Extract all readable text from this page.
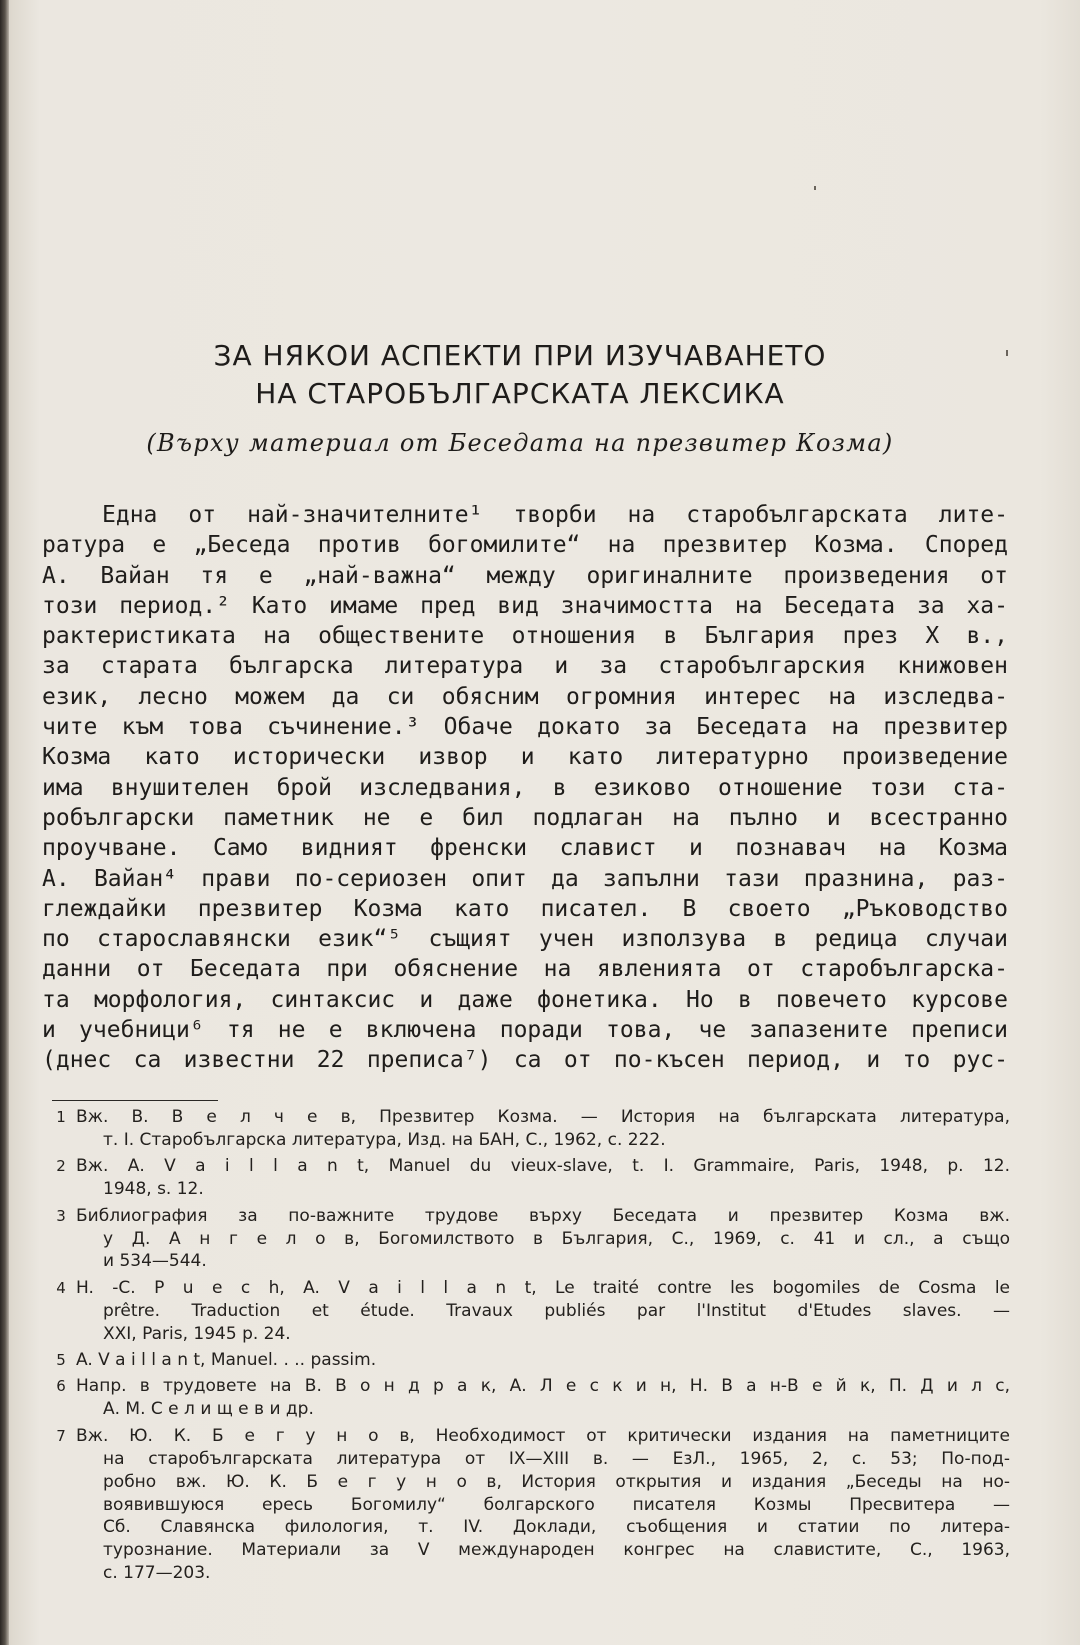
ЗА НЯКОИ АСПЕКТИ ПРИ ИЗУЧАВАНЕТО
НА СТАРОБЪЛГАРСКАТА ЛЕКСИКА
(Върху материал от Беседата на презвитер Козма)
Една от най-значителните¹ творби на старобългарската лите-
ратура е „Беседа против богомилите“ на презвитер Козма. Според
А. Вайан тя е „най-важна“ между оригиналните произведения от
този период.² Като имаме пред вид значимостта на Беседата за ха-
рактеристиката на обществените отношения в България през X в.,
за старата българска литература и за старобългарския книжовен
език, лесно можем да си обясним огромния интерес на изследва-
чите към това съчинение.³ Обаче докато за Беседата на презвитер
Козма като исторически извор и като литературно произведение
има внушителен брой изследвания, в езиково отношение този ста-
робългарски паметник не е бил подлаган на пълно и всестранно
проучване. Само видният френски славист и познавач на Козма
А. Вайан⁴ прави по-сериозен опит да запълни тази празнина, раз-
глеждайки презвитер Козма като писател. В своето „Ръководство
по старославянски език“⁵ същият учен използува в редица случаи
данни от Беседата при обяснение на явленията от старобългарска-
та морфология, синтаксис и даже фонетика. Но в повечето курсове
и учебници⁶ тя не е включена поради това, че запазените преписи
(днес са известни 22 преписа⁷) са от по-късен период, и то рус-
1 Вж. В. В е л ч е в, Презвитер Козма. — История на българската литература,
т. I. Старобългарска литература, Изд. на БАН, С., 1962, с. 222.
2 Вж. А. V a i l l a n t, Manuel du vieux-slave, t. I. Grammaire, Paris, 1948, p. 12.
1948, s. 12.
3 Библиография за по-важните трудове върху Беседата и презвитер Козма вж.
у Д. А н г е л о в, Богомилството в България, С., 1969, с. 41 и сл., а също
и 534—544.
4 H. -C. P u e c h, A. V a i l l a n t, Le traité contre les bogomiles de Cosma le
prêtre. Traduction et étude. Travaux publiés par l'Institut d'Etudes slaves. —
XXI, Paris, 1945 p. 24.
5 A. V a i l l a n t, Manuel. . .. passim.
6 Напр. в трудовете на В. В о н д р а к, А. Л е с к и н, Н. В а н-В е й к, П. Д и л с,
А. М. С е л и щ е в и др.
7 Вж. Ю. К. Б е г у н о в, Необходимост от критически издания на паметниците
на старобългарската литература от IX—XIII в. — ЕзЛ., 1965, 2, с. 53; По-под-
робно вж. Ю. К. Б е г у н о в, История открытия и издания „Беседы на но-
воявившуюся ересь Богомилу“ болгарского писателя Козмы Пресвитера —
Сб. Славянска филология, т. IV. Доклади, съобщения и статии по литера-
турознание. Материали за V международен конгрес на славистите, С., 1963,
с. 177—203.
